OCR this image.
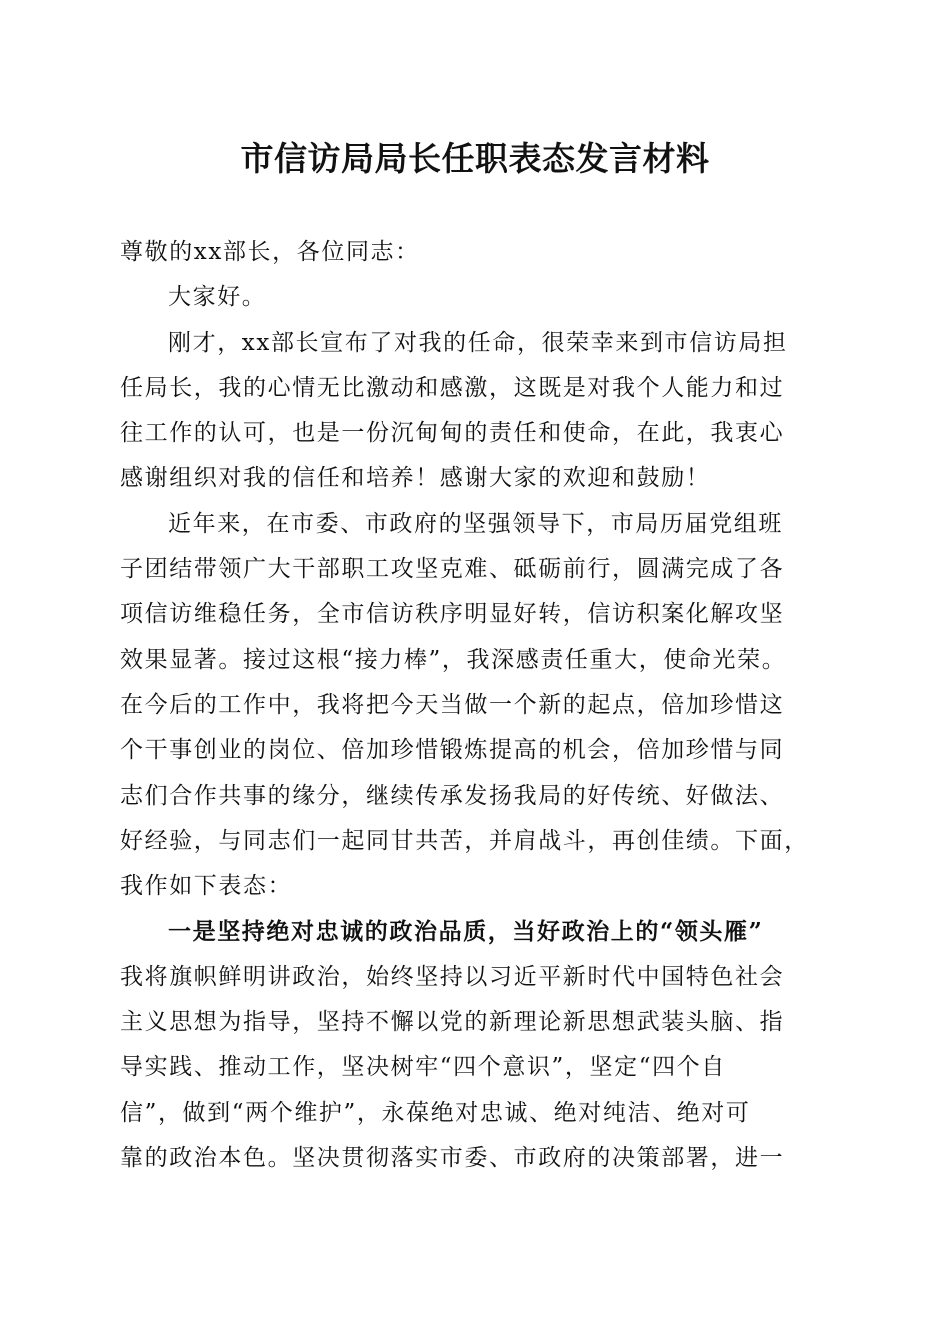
市信访局局长任职表态发言材料
尊敬的xx部长，各位同志：
大家好。
刚才，xx部长宣布了对我的任命，很荣幸来到市信访局担
任局长，我的心情无比激动和感激，这既是对我个人能力和过
往工作的认可，也是一份沉甸甸的责任和使命，在此，我衷心
感谢组织对我的信任和培养！感谢大家的欢迎和鼓励！
近年来，在市委、市政府的坚强领导下，市局历届党组班
子团结带领广大干部职工攻坚克难、砥砺前行，圆满完成了各
项信访维稳任务，全市信访秩序明显好转，信访积案化解攻坚
效果显著。接过这根“接力棒”，我深感责任重大，使命光荣。
在今后的工作中，我将把今天当做一个新的起点，倍加珍惜这
个干事创业的岗位、倍加珍惜锻炼提高的机会，倍加珍惜与同
志们合作共事的缘分，继续传承发扬我局的好传统、好做法、
好经验，与同志们一起同甘共苦，并肩战斗，再创佳绩。下面，
我作如下表态：
一是坚持绝对忠诚的政治品质，当好政治上的“领头雁”
我将旗帜鲜明讲政治，始终坚持以习近平新时代中国特色社会
主义思想为指导，坚持不懈以党的新理论新思想武装头脑、指
导实践、推动工作，坚决树牢“四个意识”，坚定“四个自
信”，做到“两个维护”，永葆绝对忠诚、绝对纯洁、绝对可
靠的政治本色。坚决贯彻落实市委、市政府的决策部署，进一
